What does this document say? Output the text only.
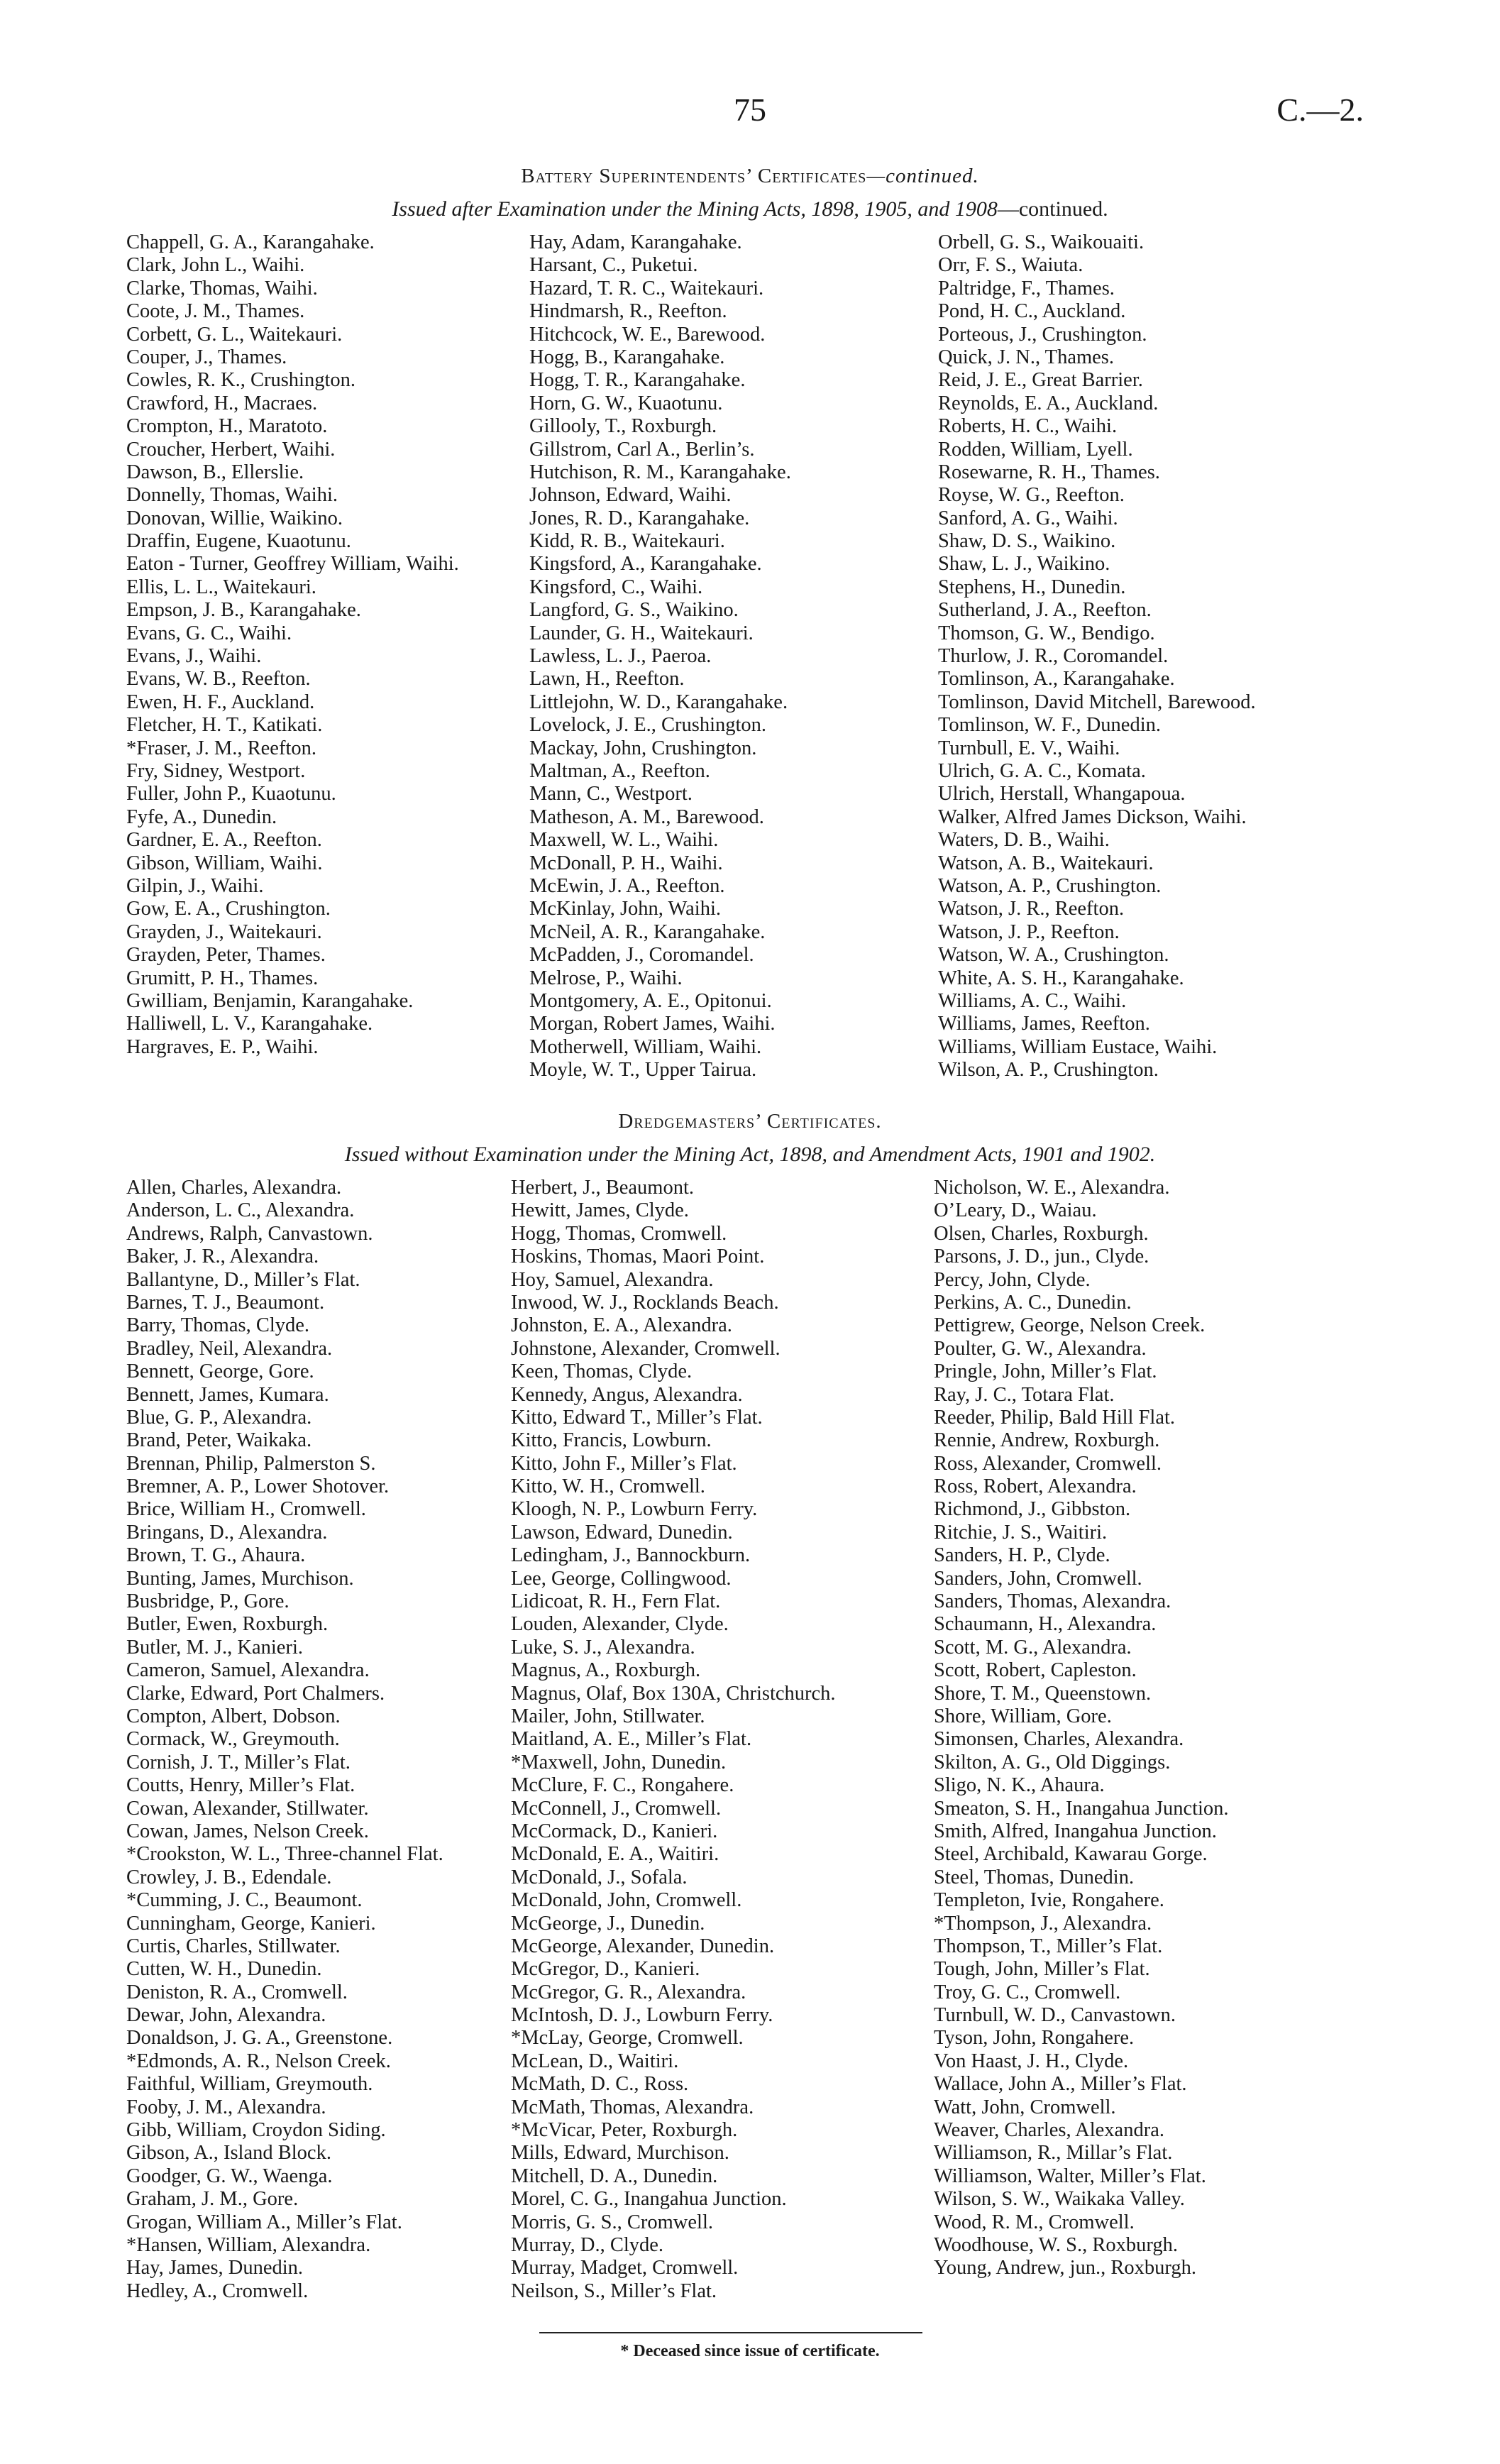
75	C.—2.
Battery Superintendents’ Certificates—continued.
Issued after Examination under the Mining Acts, 1898, 1905, and 1908—continued.
Chappell, G. A., Karangahake.
Clark, John L., Waihi.
Clarke, Thomas, Waihi.
Coote, J. M., Thames.
Corbett, G. L., Waitekauri.
Couper, J., Thames.
Cowles, R. K., Crushington.
Crawford, H., Macraes.
Crompton, H., Maratoto.
Croucher, Herbert, Waihi.
Dawson, B., Ellerslie.
Donnelly, Thomas, Waihi.
Donovan, Willie, Waikino.
Draffin, Eugene, Kuaotunu.
Eaton - Turner, Geoffrey William, Waihi.
Ellis, L. L., Waitekauri.
Empson, J. B., Karangahake.
Evans, G. C., Waihi.
Evans, J., Waihi.
Evans, W. B., Reefton.
Ewen, H. F., Auckland.
Fletcher, H. T., Katikati.
*Fraser, J. M., Reefton.
Fry, Sidney, Westport.
Fuller, John P., Kuaotunu.
Fyfe, A., Dunedin.
Gardner, E. A., Reefton.
Gibson, William, Waihi.
Gilpin, J., Waihi.
Gow, E. A., Crushington.
Grayden, J., Waitekauri.
Grayden, Peter, Thames.
Grumitt, P. H., Thames.
Gwilliam, Benjamin, Karangahake.
Halliwell, L. V., Karangahake.
Hargraves, E. P., Waihi.
Hay, Adam, Karangahake.
Harsant, C., Puketui.
Hazard, T. R. C., Waitekauri.
Hindmarsh, R., Reefton.
Hitchcock, W. E., Barewood.
Hogg, B., Karangahake.
Hogg, T. R., Karangahake.
Horn, G. W., Kuaotunu.
Gillooly, T., Roxburgh.
Gillstrom, Carl A., Berlin’s.
Hutchison, R. M., Karangahake.
Johnson, Edward, Waihi.
Jones, R. D., Karangahake.
Kidd, R. B., Waitekauri.
Kingsford, A., Karangahake.
Kingsford, C., Waihi.
Langford, G. S., Waikino.
Launder, G. H., Waitekauri.
Lawless, L. J., Paeroa.
Lawn, H., Reefton.
Littlejohn, W. D., Karangahake.
Lovelock, J. E., Crushington.
Mackay, John, Crushington.
Maltman, A., Reefton.
Mann, C., Westport.
Matheson, A. M., Barewood.
Maxwell, W. L., Waihi.
McDonall, P. H., Waihi.
McEwin, J. A., Reefton.
McKinlay, John, Waihi.
McNeil, A. R., Karangahake.
McPadden, J., Coromandel.
Melrose, P., Waihi.
Montgomery, A. E., Opitonui.
Morgan, Robert James, Waihi.
Motherwell, William, Waihi.
Moyle, W. T., Upper Tairua.
Orbell, G. S., Waikouaiti.
Orr, F. S., Waiuta.
Paltridge, F., Thames.
Pond, H. C., Auckland.
Porteous, J., Crushington.
Quick, J. N., Thames.
Reid, J. E., Great Barrier.
Reynolds, E. A., Auckland.
Roberts, H. C., Waihi.
Rodden, William, Lyell.
Rosewarne, R. H., Thames.
Royse, W. G., Reefton.
Sanford, A. G., Waihi.
Shaw, D. S., Waikino.
Shaw, L. J., Waikino.
Stephens, H., Dunedin.
Sutherland, J. A., Reefton.
Thomson, G. W., Bendigo.
Thurlow, J. R., Coromandel.
Tomlinson, A., Karangahake.
Tomlinson, David Mitchell, Barewood.
Tomlinson, W. F., Dunedin.
Turnbull, E. V., Waihi.
Ulrich, G. A. C., Komata.
Ulrich, Herstall, Whangapoua.
Walker, Alfred James Dickson, Waihi.
Waters, D. B., Waihi.
Watson, A. B., Waitekauri.
Watson, A. P., Crushington.
Watson, J. R., Reefton.
Watson, J. P., Reefton.
Watson, W. A., Crushington.
White, A. S. H., Karangahake.
Williams, A. C., Waihi.
Williams, James, Reefton.
Williams, William Eustace, Waihi.
Wilson, A. P., Crushington.
Dredgemasters’ Certificates.
Issued without Examination under the Mining Act, 1898, and Amendment Acts, 1901 and 1902.
Allen, Charles, Alexandra.
Anderson, L. C., Alexandra.
Andrews, Ralph, Canvastown.
Baker, J. R., Alexandra.
Ballantyne, D., Miller’s Flat.
Barnes, T. J., Beaumont.
Barry, Thomas, Clyde.
Bradley, Neil, Alexandra.
Bennett, George, Gore.
Bennett, James, Kumara.
Blue, G. P., Alexandra.
Brand, Peter, Waikaka.
Brennan, Philip, Palmerston S.
Bremner, A. P., Lower Shotover.
Brice, William H., Cromwell.
Bringans, D., Alexandra.
Brown, T. G., Ahaura.
Bunting, James, Murchison.
Busbridge, P., Gore.
Butler, Ewen, Roxburgh.
Butler, M. J., Kanieri.
Cameron, Samuel, Alexandra.
Clarke, Edward, Port Chalmers.
Compton, Albert, Dobson.
Cormack, W., Greymouth.
Cornish, J. T., Miller’s Flat.
Coutts, Henry, Miller’s Flat.
Cowan, Alexander, Stillwater.
Cowan, James, Nelson Creek.
*Crookston, W. L., Three-channel Flat.
Crowley, J. B., Edendale.
*Cumming, J. C., Beaumont.
Cunningham, George, Kanieri.
Curtis, Charles, Stillwater.
Cutten, W. H., Dunedin.
Deniston, R. A., Cromwell.
Dewar, John, Alexandra.
Donaldson, J. G. A., Greenstone.
*Edmonds, A. R., Nelson Creek.
Faithful, William, Greymouth.
Fooby, J. M., Alexandra.
Gibb, William, Croydon Siding.
Gibson, A., Island Block.
Goodger, G. W., Waenga.
Graham, J. M., Gore.
Grogan, William A., Miller’s Flat.
*Hansen, William, Alexandra.
Hay, James, Dunedin.
Hedley, A., Cromwell.
Herbert, J., Beaumont.
Hewitt, James, Clyde.
Hogg, Thomas, Cromwell.
Hoskins, Thomas, Maori Point.
Hoy, Samuel, Alexandra.
Inwood, W. J., Rocklands Beach.
Johnston, E. A., Alexandra.
Johnstone, Alexander, Cromwell.
Keen, Thomas, Clyde.
Kennedy, Angus, Alexandra.
Kitto, Edward T., Miller’s Flat.
Kitto, Francis, Lowburn.
Kitto, John F., Miller’s Flat.
Kitto, W. H., Cromwell.
Kloogh, N. P., Lowburn Ferry.
Lawson, Edward, Dunedin.
Ledingham, J., Bannockburn.
Lee, George, Collingwood.
Lidicoat, R. H., Fern Flat.
Louden, Alexander, Clyde.
Luke, S. J., Alexandra.
Magnus, A., Roxburgh.
Magnus, Olaf, Box 130A, Christchurch.
Mailer, John, Stillwater.
Maitland, A. E., Miller’s Flat.
*Maxwell, John, Dunedin.
McClure, F. C., Rongahere.
McConnell, J., Cromwell.
McCormack, D., Kanieri.
McDonald, E. A., Waitiri.
McDonald, J., Sofala.
McDonald, John, Cromwell.
McGeorge, J., Dunedin.
McGeorge, Alexander, Dunedin.
McGregor, D., Kanieri.
McGregor, G. R., Alexandra.
McIntosh, D. J., Lowburn Ferry.
*McLay, George, Cromwell.
McLean, D., Waitiri.
McMath, D. C., Ross.
McMath, Thomas, Alexandra.
*McVicar, Peter, Roxburgh.
Mills, Edward, Murchison.
Mitchell, D. A., Dunedin.
Morel, C. G., Inangahua Junction.
Morris, G. S., Cromwell.
Murray, D., Clyde.
Murray, Madget, Cromwell.
Neilson, S., Miller’s Flat.
Nicholson, W. E., Alexandra.
O’Leary, D., Waiau.
Olsen, Charles, Roxburgh.
Parsons, J. D., jun., Clyde.
Percy, John, Clyde.
Perkins, A. C., Dunedin.
Pettigrew, George, Nelson Creek.
Poulter, G. W., Alexandra.
Pringle, John, Miller’s Flat.
Ray, J. C., Totara Flat.
Reeder, Philip, Bald Hill Flat.
Rennie, Andrew, Roxburgh.
Ross, Alexander, Cromwell.
Ross, Robert, Alexandra.
Richmond, J., Gibbston.
Ritchie, J. S., Waitiri.
Sanders, H. P., Clyde.
Sanders, John, Cromwell.
Sanders, Thomas, Alexandra.
Schaumann, H., Alexandra.
Scott, M. G., Alexandra.
Scott, Robert, Capleston.
Shore, T. M., Queenstown.
Shore, William, Gore.
Simonsen, Charles, Alexandra.
Skilton, A. G., Old Diggings.
Sligo, N. K., Ahaura.
Smeaton, S. H., Inangahua Junction.
Smith, Alfred, Inangahua Junction.
Steel, Archibald, Kawarau Gorge.
Steel, Thomas, Dunedin.
Templeton, Ivie, Rongahere.
*Thompson, J., Alexandra.
Thompson, T., Miller’s Flat.
Tough, John, Miller’s Flat.
Troy, G. C., Cromwell.
Turnbull, W. D., Canvastown.
Tyson, John, Rongahere.
Von Haast, J. H., Clyde.
Wallace, John A., Miller’s Flat.
Watt, John, Cromwell.
Weaver, Charles, Alexandra.
Williamson, R., Millar’s Flat.
Williamson, Walter, Miller’s Flat.
Wilson, S. W., Waikaka Valley.
Wood, R. M., Cromwell.
Woodhouse, W. S., Roxburgh.
Young, Andrew, jun., Roxburgh.
* Deceased since issue of certificate.
